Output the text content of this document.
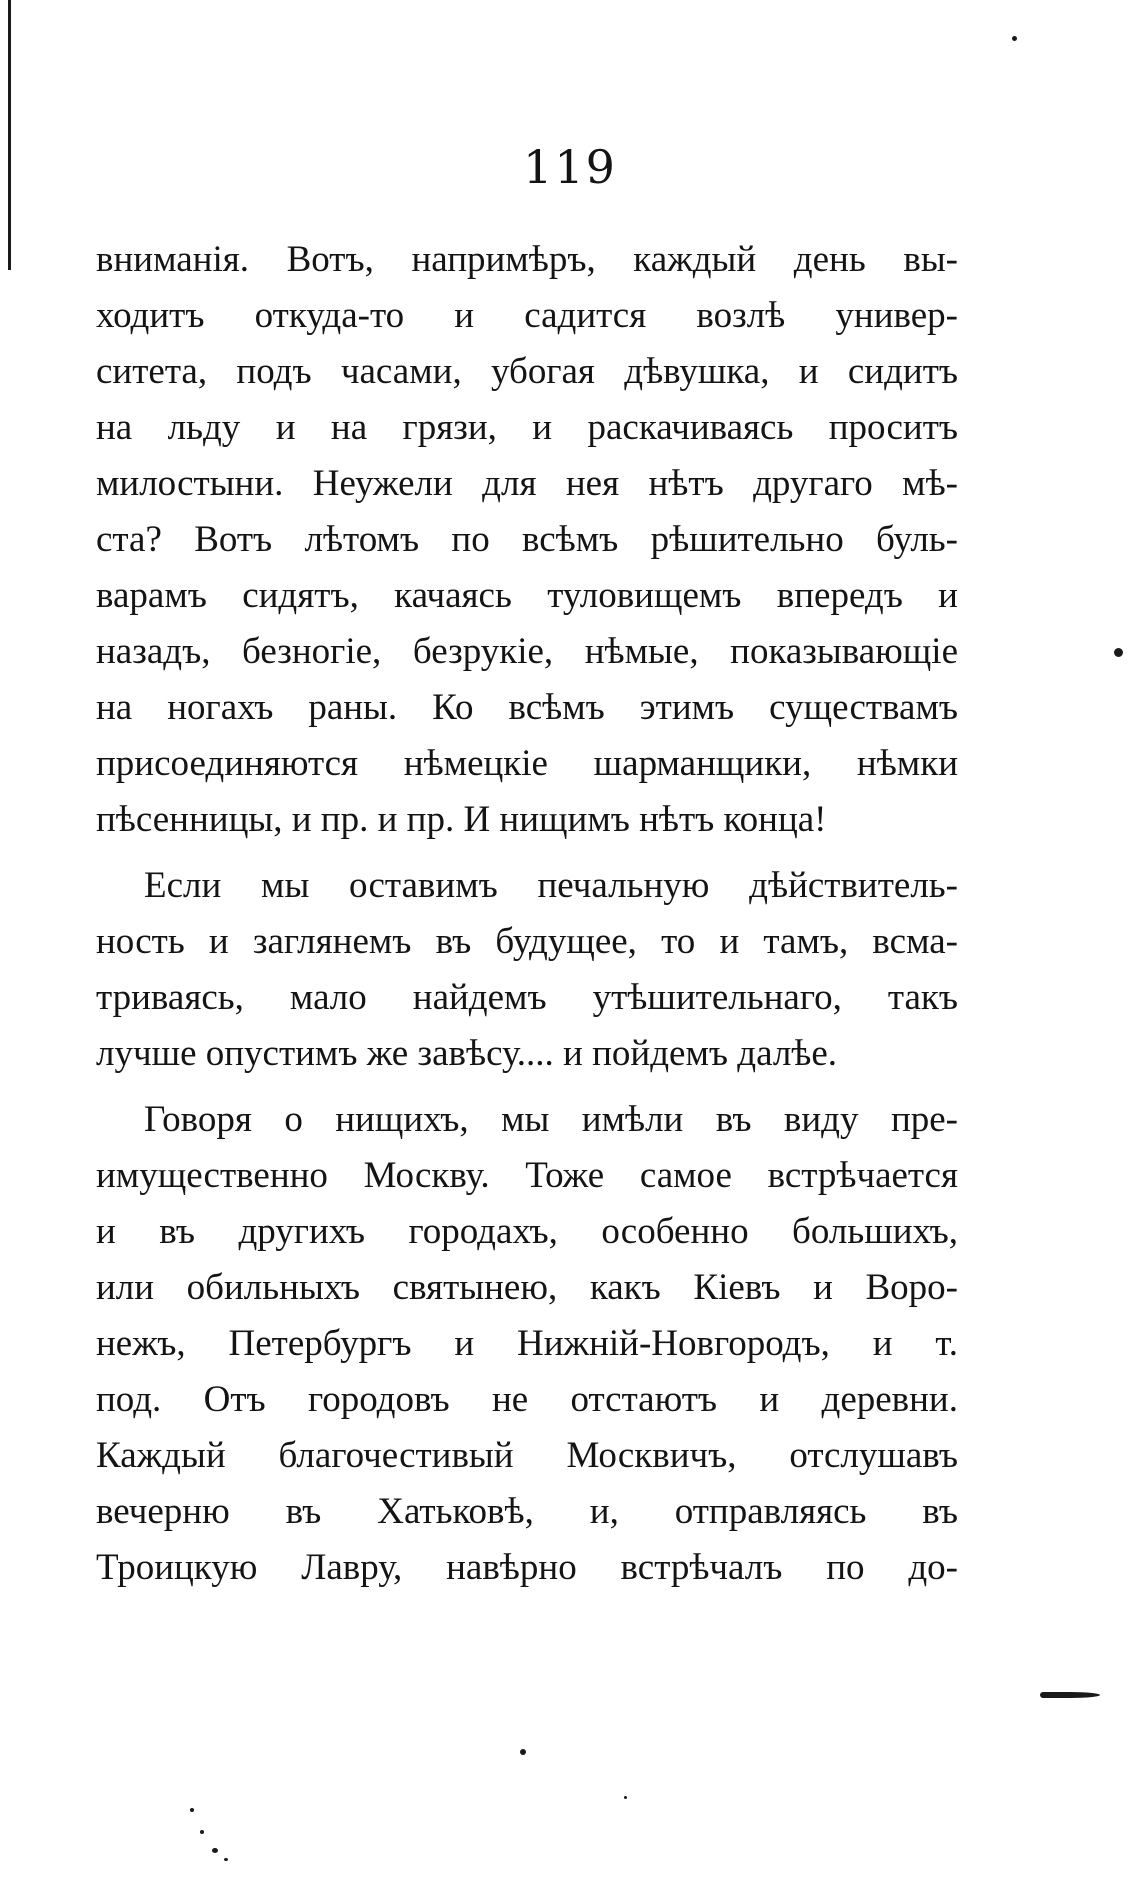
119
вниманія. Вотъ, напримѣръ, каждый день вы-
ходитъ откуда-то и садится возлѣ универ-
ситета, подъ часами, убогая дѣвушка, и сидитъ
на льду и на грязи, и раскачиваясь проситъ
милостыни. Неужели для нея нѣтъ другаго мѣ-
ста? Вотъ лѣтомъ по всѣмъ рѣшительно буль-
варамъ сидятъ, качаясь туловищемъ впередъ и
назадъ, безногіе, безрукіе, нѣмые, показывающіе
на ногахъ раны. Ко всѣмъ этимъ существамъ
присоединяются нѣмецкіе шарманщики, нѣмки
пѣсенницы, и пр. и пр. И нищимъ нѣтъ конца!
Если мы оставимъ печальную дѣйствитель-
ность и заглянемъ въ будущее, то и тамъ, всма-
триваясь, мало найдемъ утѣшительнаго, такъ
лучше опустимъ же завѣсу.... и пойдемъ далѣе.
Говоря о нищихъ, мы имѣли въ виду пре-
имущественно Москву. Тоже самое встрѣчается
и въ другихъ городахъ, особенно большихъ,
или обильныхъ святынею, какъ Кіевъ и Воро-
нежъ, Петербургъ и Нижній-Новгородъ, и т.
под. Отъ городовъ не отстаютъ и деревни.
Каждый благочестивый Москвичъ, отслушавъ
вечерню въ Хатьковѣ, и, отправляясь въ
Троицкую Лавру, навѣрно встрѣчалъ по до-
